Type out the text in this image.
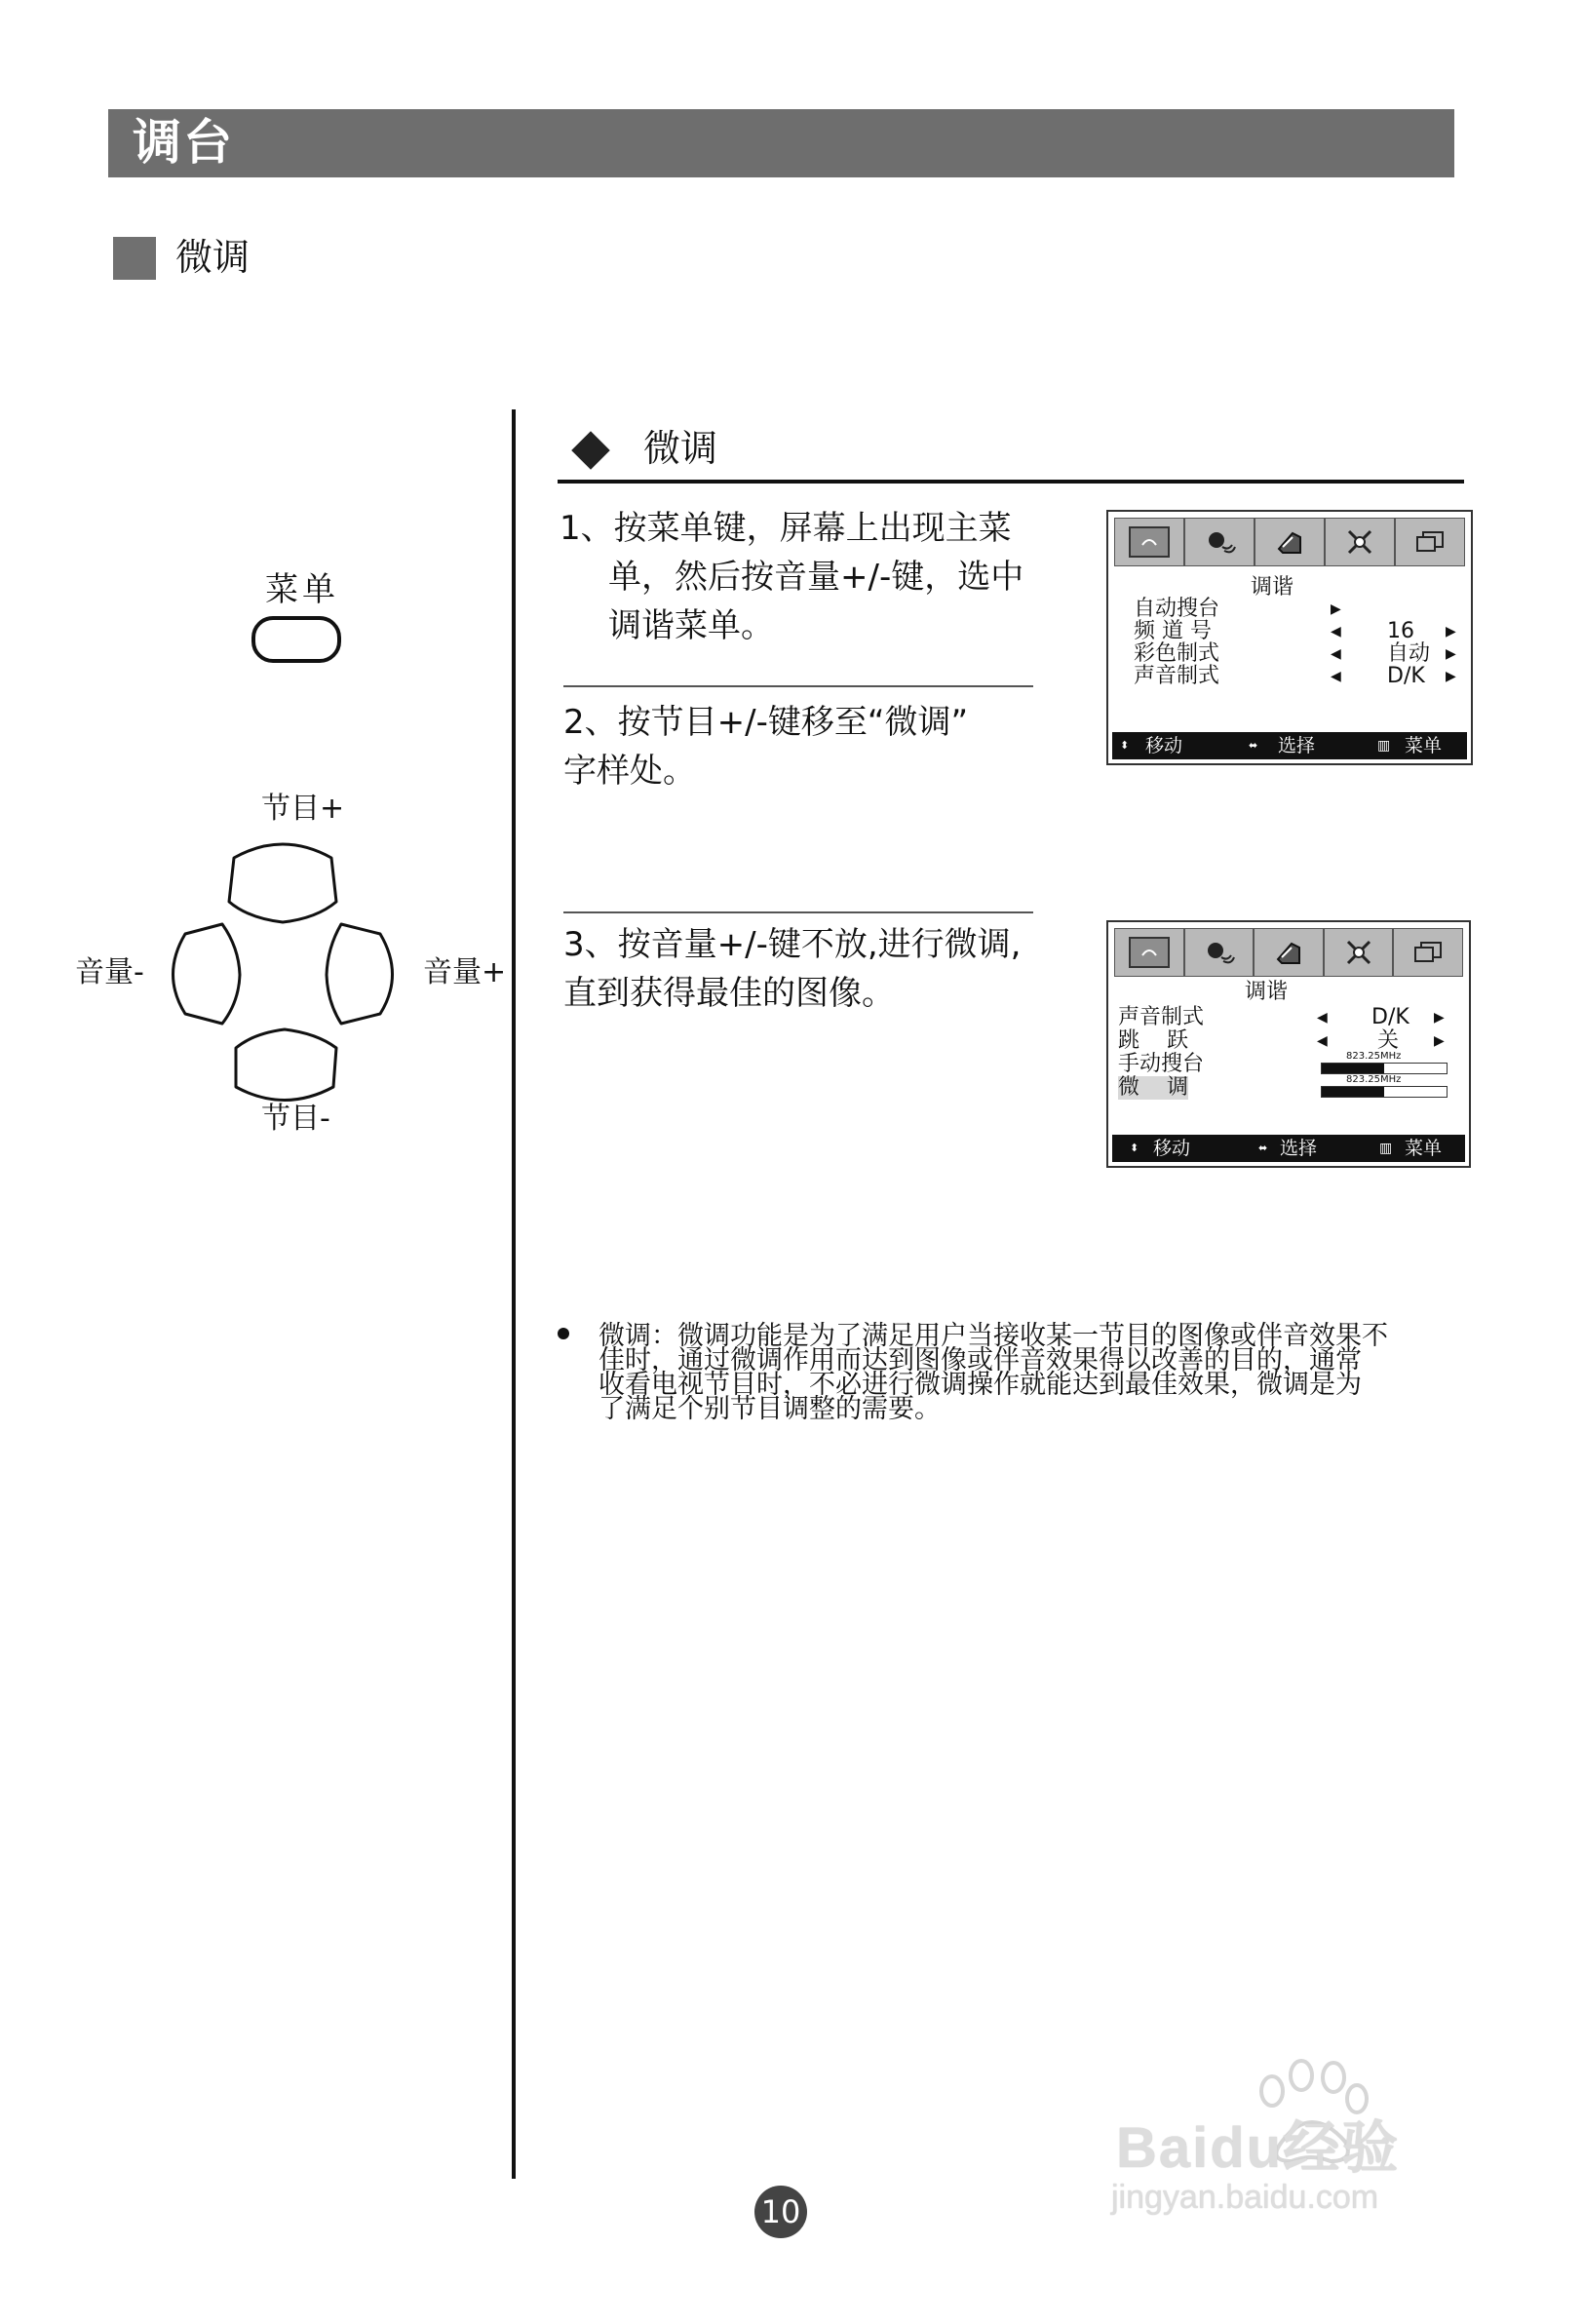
调台
微调
菜单
节目+
节目-
音量-	音量+
微调
1、按菜单键，屏幕上出现主菜
单，然后按音量+/-键，选中
调谐菜单。
2、按节目+/-键移至“微调”
字样处。
3、按音量+/-键不放,进行微调,
直到获得最佳的图像。
调谐
自动搜台	▶
频 道 号	◀ 16 ▶
彩色制式	◀ 自动 ▶
声音制式	◀ D/K ▶
⬍ 移动	⬌ 选择	▥ 菜单
调谐
声音制式	◀ D/K ▶
跳    跃	◀ 关	▶
手动搜台	823.25MHz
微    调	823.25MHz
⬍ 移动	⬌ 选择	▥ 菜单
微调：微调功能是为了满足用户当接收某一节目的图像或伴音效果不
佳时，通过微调作用而达到图像或伴音效果得以改善的目的，通常
收看电视节目时，不必进行微调操作就能达到最佳效果，微调是为
了满足个别节目调整的需要。
Baidu经验
jingyan.baidu.com
10
